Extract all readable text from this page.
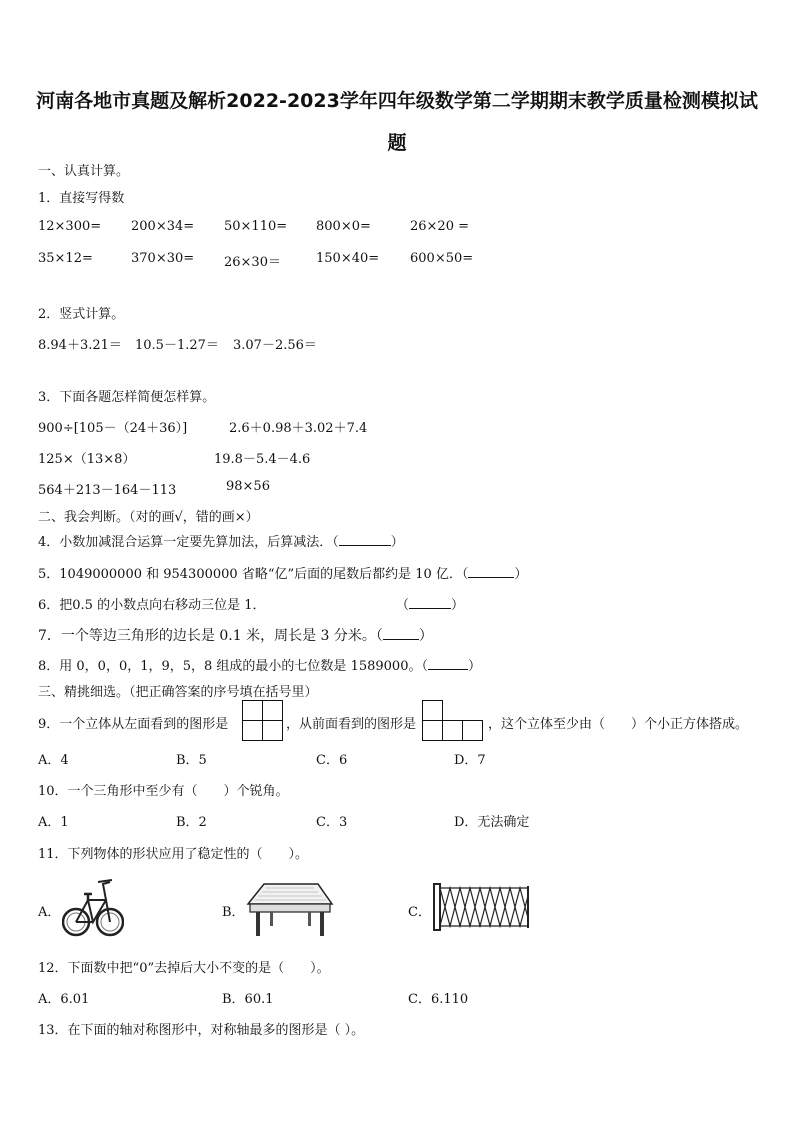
河南各地市真题及解析2022-2023学年四年级数学第二学期期末教学质量检测模拟试
题
一、认真计算。
1．直接写得数
12×300= 200×34= 50×110= 800×0=	26×20 =
35×12=	370×30= 26×30＝	150×40= 600×50=
2．竖式计算。
8.94＋3.21＝ 10.5－1.27＝ 3.07－2.56＝
3．下面各题怎样简便怎样算。
900÷[105－（24＋36）]	2.6＋0.98＋3.02＋7.4
125×（13×8）	19.8－5.4－4.6
564＋213－164－113	98×56
二、我会判断。（对的画√，错的画×）
4．小数加减混合运算一定要先算加法，后算减法．（	）
5．1049000000 和 954300000 省略“亿”后面的尾数后都约是 10 亿．（	）
6．把0.5 的小数点向右移动三位是 1．	（	）
7．一个等边三角形的边长是 0.1 米，周长是 3 分米。（	）
8．用 0，0，0，1，9，5，8 组成的最小的七位数是 1589000。（	）
三、精挑细选。（把正确答案的序号填在括号里）
9．一个立体从左面看到的图形是	，从前面看到的图形是	，这个立体至少由（　　）个小正方体搭成。
A．4	B．5	C．6	D．7
10．一个三角形中至少有（　　）个锐角。
A．1	B．2	C．3	D．无法确定
11．下列物体的形状应用了稳定性的（　　）。
A．	B．	C．
12．下面数中把“0”去掉后大小不变的是（　　）。
A．6.01	B．60.1	C．6.110
13．在下面的轴对称图形中，对称轴最多的图形是（ ）。
